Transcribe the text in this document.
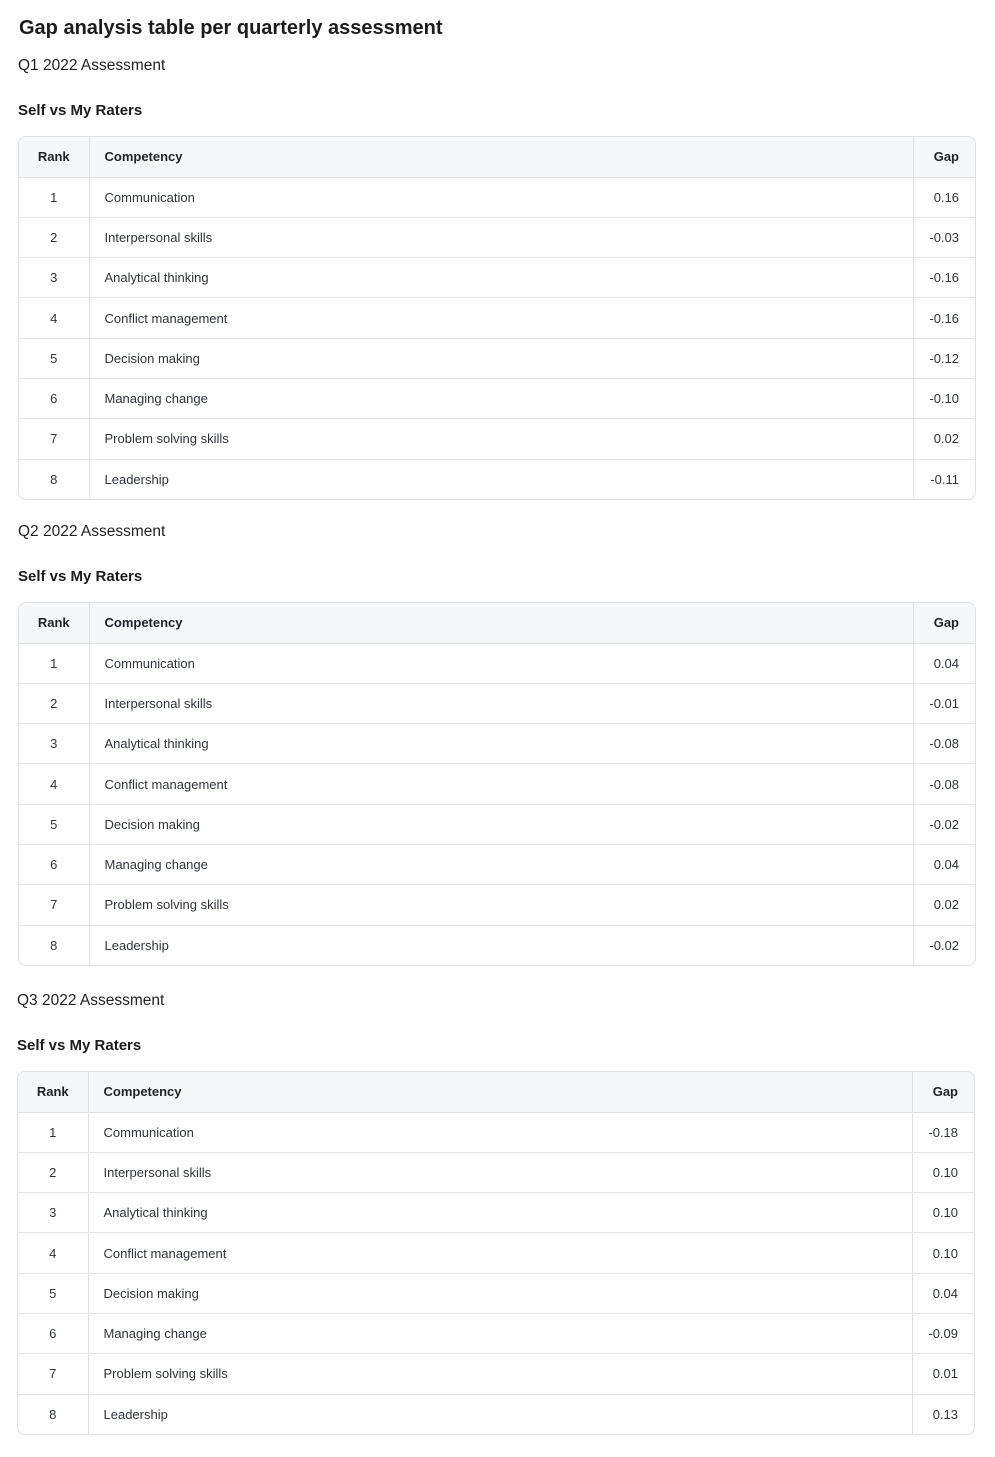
Gap analysis table per quarterly assessment
Q1 2022 Assessment
Self vs My Raters
Rank	Competency	Gap
1	Communication	0.16
2	Interpersonal skills	-0.03
3	Analytical thinking	-0.16
4	Conflict management	-0.16
5	Decision making	-0.12
6	Managing change	-0.10
7	Problem solving skills	0.02
8	Leadership	-0.11
Q2 2022 Assessment
Self vs My Raters
Rank	Competency	Gap
1	Communication	0.04
2	Interpersonal skills	-0.01
3	Analytical thinking	-0.08
4	Conflict management	-0.08
5	Decision making	-0.02
6	Managing change	0.04
7	Problem solving skills	0.02
8	Leadership	-0.02
Q3 2022 Assessment
Self vs My Raters
Rank	Competency	Gap
1	Communication	-0.18
2	Interpersonal skills	0.10
3	Analytical thinking	0.10
4	Conflict management	0.10
5	Decision making	0.04
6	Managing change	-0.09
7	Problem solving skills	0.01
8	Leadership	0.13
